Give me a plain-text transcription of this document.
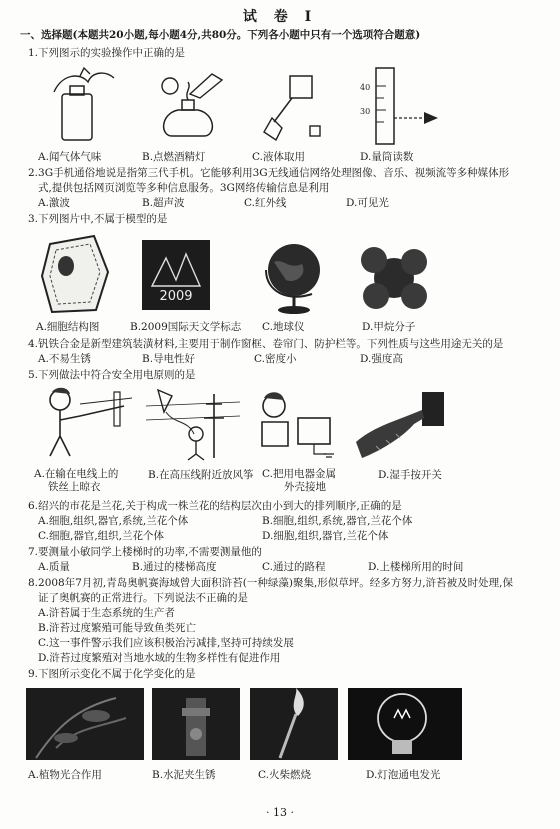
试 卷 Ⅰ
一、选择题(本题共20小题,每小题4分,共80分。下列各小题中只有一个选项符合题意)
1.下列图示的实验操作中正确的是
40
30
A.闻气体气味	B.点燃酒精灯	C.液体取用	D.量筒读数
2.3G手机通俗地说是指第三代手机。它能够利用3G无线通信网络处理图像、音乐、视频流等多种媒体形
式,提供包括网页浏览等多种信息服务。3G网络传输信息是利用
A.激波	B.超声波	C.红外线	D.可见光
3.下列图片中,不属于模型的是
2009
A.细胞结构图	B.2009国际天文学标志 C.地球仪	D.甲烷分子
4.钒铁合金是新型建筑装潢材料,主要用于制作窗框、卷帘门、防护栏等。下列性质与这些用途无关的是
A.不易生锈	B.导电性好	C.密度小	D.强度高
5.下列做法中符合安全用电原则的是
A.在输在电线上的
铁丝上晾衣
B.在高压线附近放风筝 C.把用电器金属
外壳接地
D.湿手按开关
6.绍兴的市花是兰花,关于构成一株兰花的结构层次由小到大的排列顺序,正确的是
A.细胞,组织,器官,系统,兰花个体	B.细胞,组织,系统,器官,兰花个体
C.细胞,器官,组织,兰花个体	D.细胞,组织,器官,兰花个体
7.要测量小敏同学上楼梯时的功率,不需要测量他的
A.质量	B.通过的楼梯高度	C.通过的路程	D.上楼梯所用的时间
8.2008年7月初,青岛奥帆赛海域曾大面积浒苔(一种绿藻)聚集,形似草坪。经多方努力,浒苔被及时处理,保
证了奥帆赛的正常进行。下列说法不正确的是
A.浒苔属于生态系统的生产者
B.浒苔过度繁殖可能导致鱼类死亡
C.这一事件警示我们应该积极治污减排,坚持可持续发展
D.浒苔过度繁殖对当地水域的生物多样性有促进作用
9.下图所示变化不属于化学变化的是
A.植物光合作用	B.水泥夹生锈	C.火柴燃烧	D.灯泡通电发光
· 13 ·
